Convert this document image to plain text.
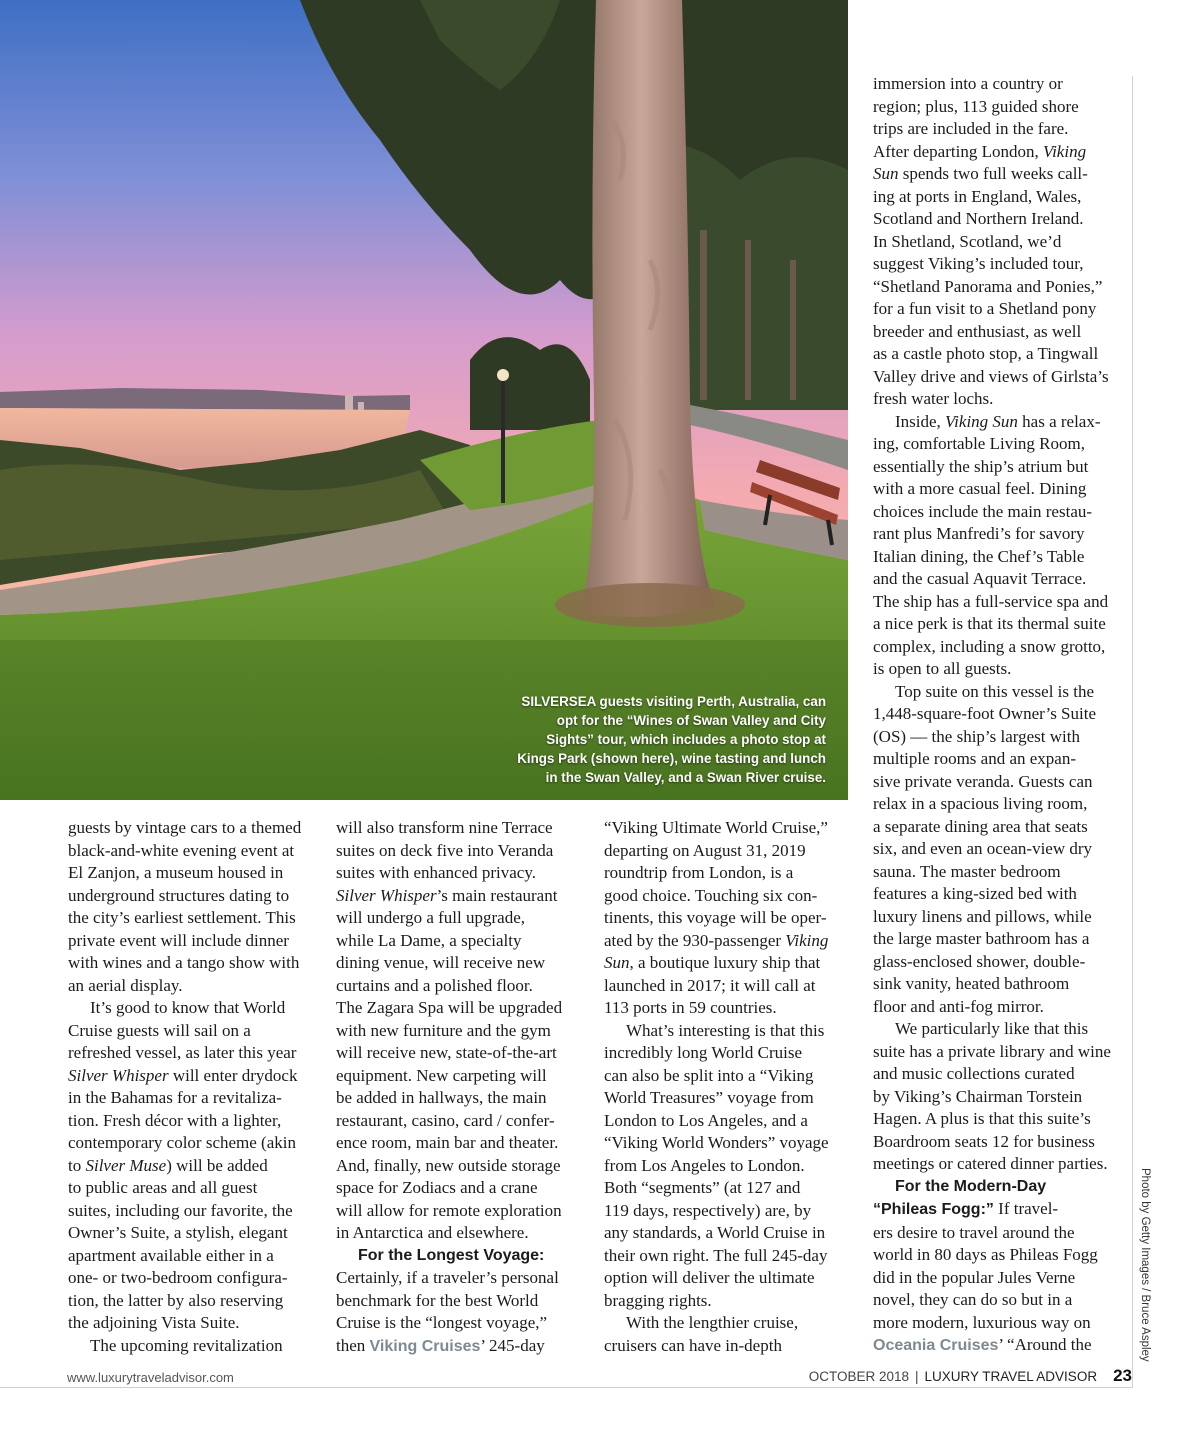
SILVERSEA guests visiting Perth, Australia, can
opt for the “Wines of Swan Valley and City
Sights” tour, which includes a photo stop at
Kings Park (shown here), wine tasting and lunch
in the Swan Valley, and a Swan River cruise.
Photo by Getty Images / Bruce Aspley
guests by vintage cars to a themed
black-and-white evening event at
El Zanjon, a museum housed in
underground structures dating to
the city’s earliest settlement. This
private event will include dinner
with wines and a tango show with
an aerial display.
It’s good to know that World
Cruise guests will sail on a
refreshed vessel, as later this year
Silver Whisper will enter drydock
in the Bahamas for a revitaliza-
tion. Fresh décor with a lighter,
contemporary color scheme (akin
to Silver Muse) will be added
to public areas and all guest
suites, including our favorite, the
Owner’s Suite, a stylish, elegant
apartment available either in a
one- or two-bedroom configura-
tion, the latter by also reserving
the adjoining Vista Suite.
The upcoming revitalization
will also transform nine Terrace
suites on deck five into Veranda
suites with enhanced privacy.
Silver Whisper’s main restaurant
will undergo a full upgrade,
while La Dame, a specialty
dining venue, will receive new
curtains and a polished floor.
The Zagara Spa will be upgraded
with new furniture and the gym
will receive new, state-of-the-art
equipment. New carpeting will
be added in hallways, the main
restaurant, casino, card / confer-
ence room, main bar and theater.
And, finally, new outside storage
space for Zodiacs and a crane
will allow for remote exploration
in Antarctica and elsewhere.
For the Longest Voyage:
Certainly, if a traveler’s personal
benchmark for the best World
Cruise is the “longest voyage,”
then Viking Cruises’ 245-day
“Viking Ultimate World Cruise,”
departing on August 31, 2019
roundtrip from London, is a
good choice. Touching six con-
tinents, this voyage will be oper-
ated by the 930-passenger Viking
Sun, a boutique luxury ship that
launched in 2017; it will call at
113 ports in 59 countries.
What’s interesting is that this
incredibly long World Cruise
can also be split into a “Viking
World Treasures” voyage from
London to Los Angeles, and a
“Viking World Wonders” voyage
from Los Angeles to London.
Both “segments” (at 127 and
119 days, respectively) are, by
any standards, a World Cruise in
their own right. The full 245-day
option will deliver the ultimate
bragging rights.
With the lengthier cruise,
cruisers can have in-depth
immersion into a country or
region; plus, 113 guided shore
trips are included in the fare.
After departing London, Viking
Sun spends two full weeks call-
ing at ports in England, Wales,
Scotland and Northern Ireland.
In Shetland, Scotland, we’d
suggest Viking’s included tour,
“Shetland Panorama and Ponies,”
for a fun visit to a Shetland pony
breeder and enthusiast, as well
as a castle photo stop, a Tingwall
Valley drive and views of Girlsta’s
fresh water lochs.
Inside, Viking Sun has a relax-
ing, comfortable Living Room,
essentially the ship’s atrium but
with a more casual feel. Dining
choices include the main restau-
rant plus Manfredi’s for savory
Italian dining, the Chef’s Table
and the casual Aquavit Terrace.
The ship has a full-service spa and
a nice perk is that its thermal suite
complex, including a snow grotto,
is open to all guests.
Top suite on this vessel is the
1,448-square-foot Owner’s Suite
(OS) — the ship’s largest with
multiple rooms and an expan-
sive private veranda. Guests can
relax in a spacious living room,
a separate dining area that seats
six, and even an ocean-view dry
sauna. The master bedroom
features a king-sized bed with
luxury linens and pillows, while
the large master bathroom has a
glass-enclosed shower, double-
sink vanity, heated bathroom
floor and anti-fog mirror.
We particularly like that this
suite has a private library and wine
and music collections curated
by Viking’s Chairman Torstein
Hagen. A plus is that this suite’s
Boardroom seats 12 for business
meetings or catered dinner parties.
For the Modern-Day
“Phileas Fogg:” If travel-
ers desire to travel around the
world in 80 days as Phileas Fogg
did in the popular Jules Verne
novel, they can do so but in a
more modern, luxurious way on
Oceania Cruises’ “Around the
www.luxurytraveladvisor.com	OCTOBER 2018 | LUXURY TRAVEL ADVISOR 23
